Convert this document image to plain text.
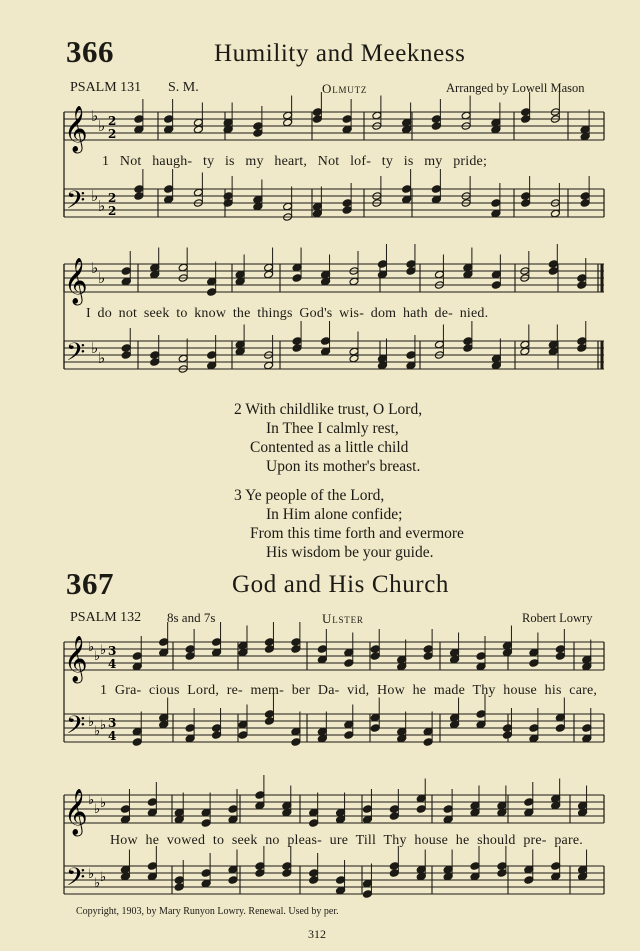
366	Humility and Meekness
PSALM 131 S. M.	Olmutz	Arranged by Lowell Mason
𝄞 ♭
♭ 2
2
𝄢 ♭
♭ 2
2
𝄞 ♭
♭
𝄢 ♭
♭
1 Not haugh- ty is my heart, Not lof- ty is my pride;
I do not seek to know the things God's wis- dom hath de- nied.
2 With childlike trust, O Lord,
In Thee I calmly rest,
Contented as a little child
Upon its mother's breast.
3 Ye people of the Lord,
In Him alone confide;
From this time forth and evermore
His wisdom be your guide.
367	God and His Church
PSALM 132 8s and 7s	Ulster	Robert Lowry
𝄞 ♭
♭ ♭ 3
4
𝄢 ♭
♭ ♭ 3
4
𝄞 ♭
♭ ♭
𝄢 ♭
♭ ♭
1 Gra- cious Lord, re- mem- ber Da- vid, How he made Thy house his care,
How he vowed to seek no pleas- ure Till Thy house he should pre- pare.
Copyright, 1903, by Mary Runyon Lowry. Renewal. Used by per.
312
